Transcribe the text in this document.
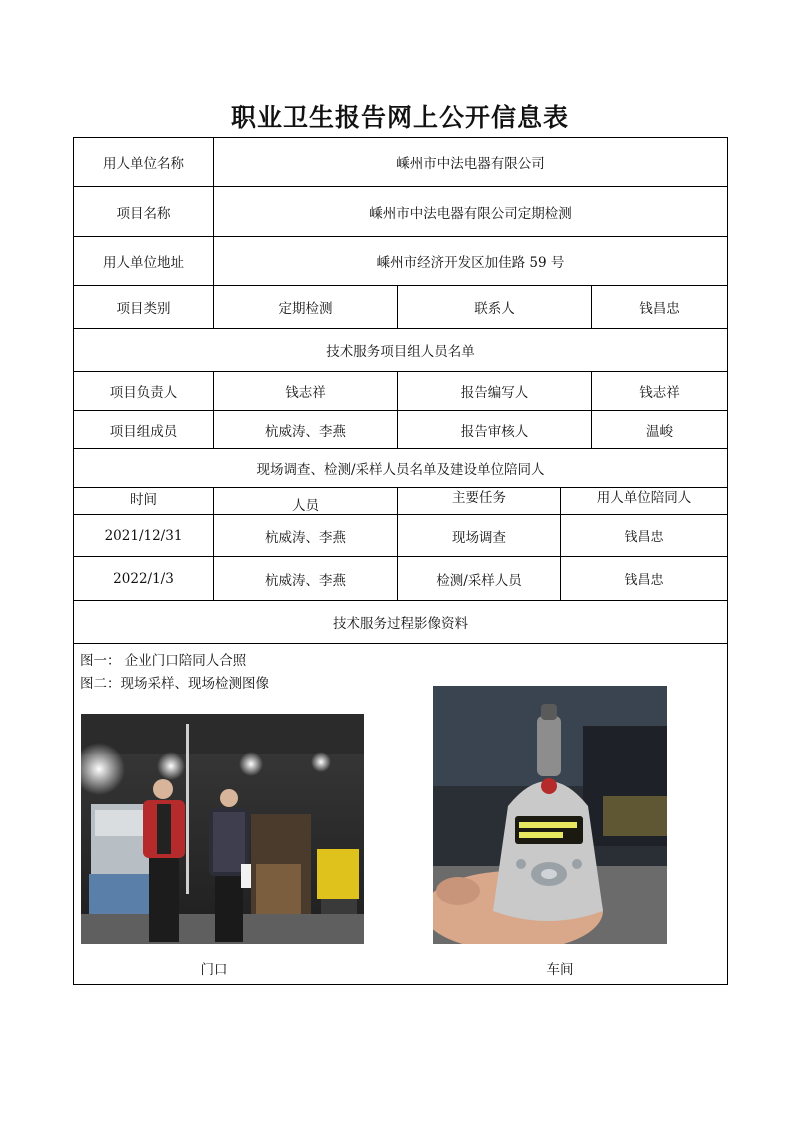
职业卫生报告网上公开信息表
用人单位名称	嵊州市中法电器有限公司
项目名称	嵊州市中法电器有限公司定期检测
用人单位地址	嵊州市经济开发区加佳路 59 号
项目类别	定期检测	联系人	钱昌忠
技术服务项目组人员名单
项目负责人	钱志祥	报告编写人	钱志祥
项目组成员	杭威涛、李燕	报告审核人	温峻
现场调查、检测/采样人员名单及建设单位陪同人
时间	人员	主要任务	用人单位陪同人
2021/12/31	杭威涛、李燕	现场调查	钱昌忠
2022/1/3	杭威涛、李燕	检测/采样人员	钱昌忠
技术服务过程影像资料
图一： 企业门口陪同人合照
图二：现场采样、现场检测图像
门口	车间
